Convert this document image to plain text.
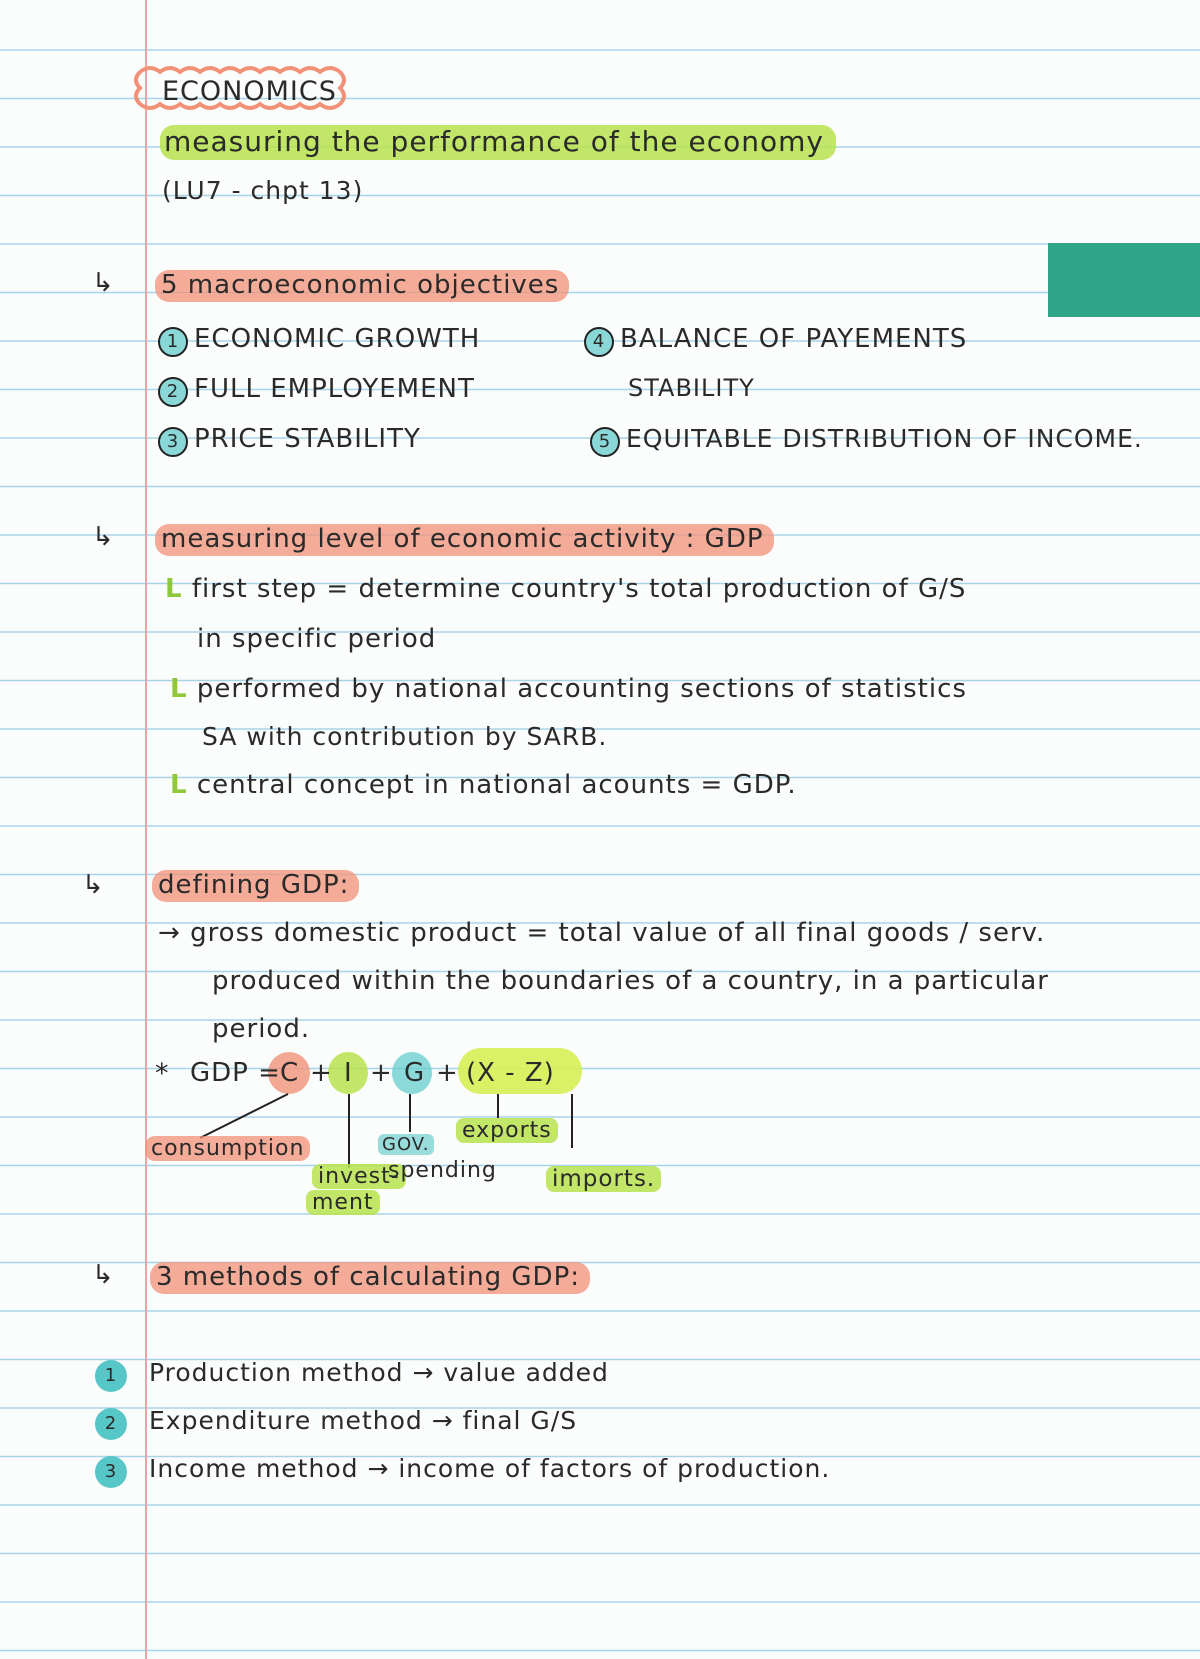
ECONOMICS
measuring the performance of the economy
(LU7 - chpt 13)
↳ 5 macroeconomic objectives
1 ECONOMIC GROWTH
2 FULL EMPLOYEMENT
3 PRICE STABILITY
4 BALANCE OF PAYEMENTS
STABILITY
5 EQUITABLE DISTRIBUTION OF INCOME.
↳ measuring level of economic activity : GDP
L first step = determine country's total production of G/S
in specific period
L performed by national accounting sections of statistics
SA with contribution by SARB.
L central concept in national acounts = GDP.
↳ defining GDP:
→ gross domestic product = total value of all final goods / serv.
produced within the boundaries of a country, in a particular
period.
* GDP = C + I + G + (X - Z)
consumption	GOV.
exports
invest-
spending imports.
ment
↳ 3 methods of calculating GDP:
1 Production method → value added
2 Expenditure method → final G/S
3 Income method → income of factors of production.
